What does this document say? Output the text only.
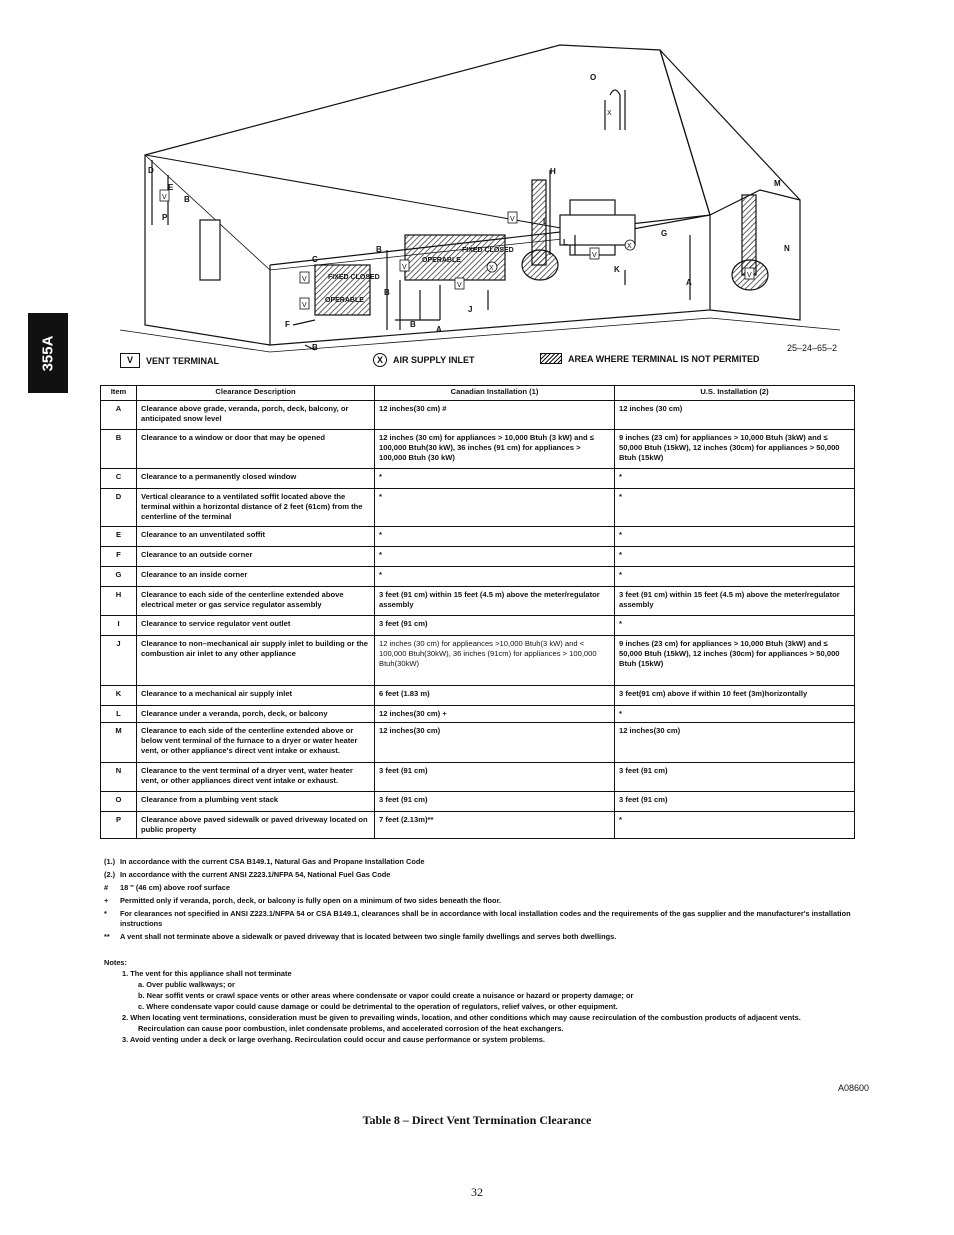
355A
FIXED CLOSED
OPERABLE
OPERABLE
FIXED CLOSED
V
V
V
V
V
V
V
V
X
X
X
A
A
B
B
B
B
B
C
D
E
F
G
H
I
J
K
L
M
N
O
P
25–24–65–2
V	VENT TERMINAL	X	AIR SUPPLY INLET	AREA WHERE TERMINAL IS NOT PERMITED
Item	Clearance Description	Canadian Installation (1)	U.S. Installation (2)
A	Clearance above grade, veranda, porch, deck, balcony, or anticipated snow level	12 inches(30 cm) #	12 inches (30 cm)
B	Clearance to a window or door that may be opened	12 inches (30 cm) for appliances > 10,000 Btuh (3 kW) and ≤ 100,000 Btuh(30 kW), 36 inches (91 cm) for appliances > 100,000 Btuh (30 kW)	9 inches (23 cm) for appliances > 10,000 Btuh (3kW) and ≤ 50,000 Btuh (15kW), 12 inches (30cm) for appliances > 50,000 Btuh (15kW)
C	Clearance to a permanently closed window	*	*
D	Vertical clearance to a ventilated soffit located above the terminal within a horizontal distance of 2 feet (61cm) from the centerline of the terminal	*	*
E	Clearance to an unventilated soffit	*	*
F	Clearance to an outside corner	*	*
G	Clearance to an inside corner	*	*
H	Clearance to each side of the centerline extended above electrical meter or gas service regulator assembly	3 feet (91 cm) within 15 feet (4.5 m) above the meter/regulator assembly	3 feet (91 cm) within 15 feet (4.5 m) above the meter/regulator assembly
I	Clearance to service regulator vent outlet	3 feet (91 cm)	*
J	Clearance to non–mechanical air supply inlet to building or the combustion air inlet to any other appliance	12 inches (30 cm) for applieances >10,000 Btuh(3 kW) and < 100,000 Btuh(30kW), 36 inches (91cm) for appliances > 100,000 Btuh(30kW)	9 inches (23 cm) for appliances > 10,000 Btuh (3kW) and ≤ 50,000 Btuh (15kW), 12 inches (30cm) for appliances > 50,000 Btuh (15kW)
K	Clearance to a mechanical air supply inlet	6 feet (1.83 m)	3 feet(91 cm) above if within 10 feet (3m)horizontally
L	Clearance under a veranda, porch, deck, or balcony	12 inches(30 cm) +	*
M	Clearance to each side of the centerline extended above or below vent terminal of the furnace to a dryer or water heater vent, or other appliance's direct vent intake or exhaust.	12 inches(30 cm)	12 inches(30 cm)
N	Clearance to the vent terminal of a dryer vent, water heater vent, or other appliances direct vent intake or exhaust.	3 feet (91 cm)	3 feet (91 cm)
O	Clearance from a plumbing vent stack	3 feet (91 cm)	3 feet (91 cm)
P	Clearance above paved sidewalk or paved driveway located on public property	7 feet (2.13m)**	*
(1.) In accordance with the current CSA B149.1, Natural Gas and Propane Installation Code
(2.) In accordance with the current ANSI Z223.1/NFPA 54, National Fuel Gas Code
#	18 ″ (46 cm) above roof surface
+	Permitted only if veranda, porch, deck, or balcony is fully open on a minimum of two sides beneath the floor.
*	For clearances not specified in ANSI Z223.1/NFPA 54 or CSA B149.1, clearances shall be in accordance with local installation codes and the requirements of the gas supplier and the manufacturer's installation instructions
**	A vent shall not terminate above a sidewalk or paved driveway that is located between two single family dwellings and serves both dwellings.
Notes:
1. The vent for this appliance shall not terminate
a. Over public walkways; or
b. Near soffit vents or crawl space vents or other areas where condensate or vapor could create a nuisance or hazard or property damage; or
c. Where condensate vapor could cause damage or could be detrimental to the operation of regulators, relief valves, or other equipment.
2. When locating vent terminations, consideration must be given to prevailing winds, location, and other conditions which may cause recirculation of the combustion products of adjacent vents.
Recirculation can cause poor combustion, inlet condensate problems, and accelerated corrosion of the heat exchangers.
3. Avoid venting under a deck or large overhang. Recirculation could occur and cause performance or system problems.
A08600
Table 8 – Direct Vent Termination Clearance
32
